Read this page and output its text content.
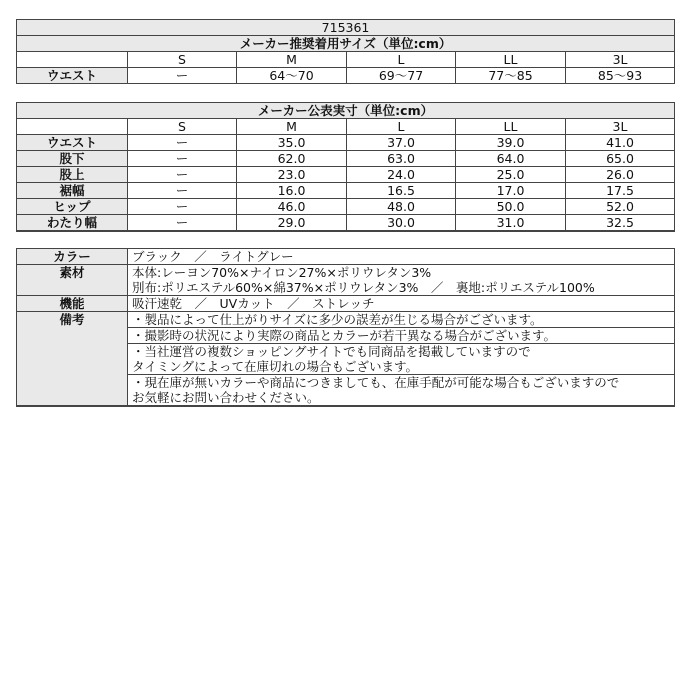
715361					
メーカー推奨着用サイズ（単位:cm）					
	S	M	L	LL	3L
ウエスト	ー	64〜70	69〜77	77〜85	85〜93
メーカー公表実寸（単位:cm）					
	S	M	L	LL	3L
ウエスト	ー	35.0	37.0	39.0	41.0
股下	ー	62.0	63.0	64.0	65.0
股上	ー	23.0	24.0	25.0	26.0
裾幅	ー	16.0	16.5	17.0	17.5
ヒップ	ー	46.0	48.0	50.0	52.0
わたり幅	ー	29.0	30.0	31.0	32.5
カラー	ブラック　／　ライトグレー
素材	本体:レーヨン70%×ナイロン27%×ポリウレタン3%
	別布:ポリエステル60%×綿37%×ポリウレタン3%　／　裏地:ポリエステル100%
機能	吸汗速乾　／　UVカット　／　ストレッチ
備考	・製品によって仕上がりサイズに多少の誤差が生じる場合がございます。
	・撮影時の状況により実際の商品とカラーが若干異なる場合がございます。
	・当社運営の複数ショッピングサイトでも同商品を掲載していますので
	タイミングによって在庫切れの場合もございます。
	・現在庫が無いカラーや商品につきましても、在庫手配が可能な場合もございますので
	お気軽にお問い合わせください。
